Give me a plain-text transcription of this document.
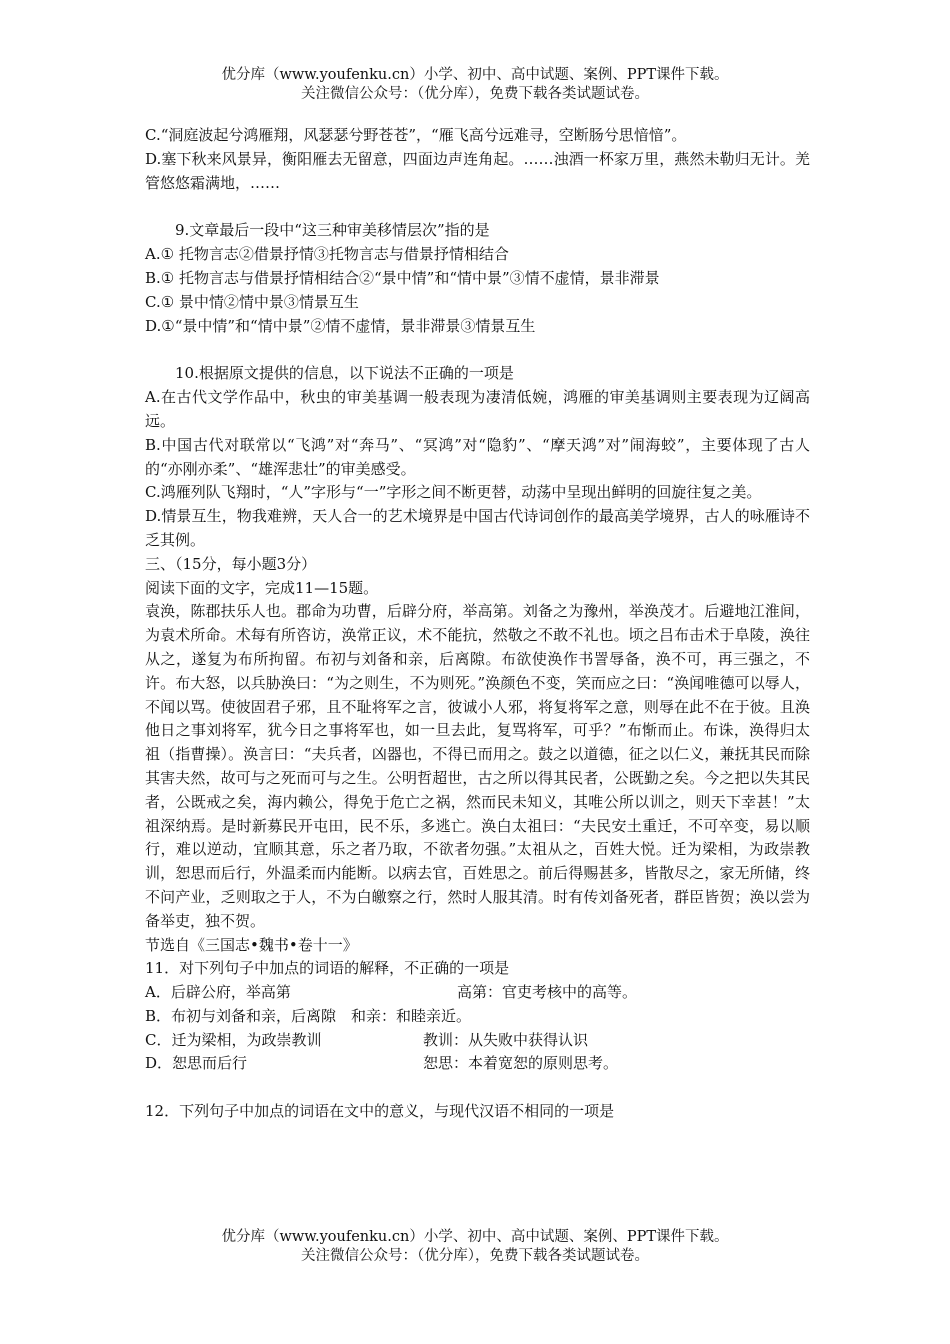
优分库（www.youfenku.cn）小学、初中、高中试题、案例、PPT课件下载。
关注微信公众号：（优分库），免费下载各类试题试卷。

C.“洞庭波起兮鸿雁翔，风瑟瑟兮野苍苍”，“雁飞高兮远难寻，空断肠兮思愔愔”。

D.塞下秋来风景异，衡阳雁去无留意，四面边声连角起。……浊酒一杯家万里，燕然未勒归无计。羌管悠悠霜满地，……

9.文章最后一段中“这三种审美移情层次”指的是

A.① 托物言志②借景抒情③托物言志与借景抒情相结合

B.① 托物言志与借景抒情相结合②“景中情”和“情中景”③情不虚情，景非滞景

C.① 景中情②情中景③情景互生

D.①“景中情”和“情中景”②情不虚情，景非滞景③情景互生

10.根据原文提供的信息，以下说法不正确的一项是

A.在古代文学作品中，秋虫的审美基调一般表现为凄清低婉，鸿雁的审美基调则主要表现为辽阔高远。

B.中国古代对联常以“飞鸿”对“奔马”、“冥鸿”对“隐豹”、“摩天鸿”对”闹海蛟”，主要体现了古人的“亦刚亦柔”、“雄浑悲壮”的审美感受。

C.鸿雁列队飞翔时，“人”字形与“一”字形之间不断更替，动荡中呈现出鲜明的回旋往复之美。

D.情景互生，物我难辨，天人合一的艺术境界是中国古代诗词创作的最高美学境界，古人的咏雁诗不乏其例。

三、（15分，每小题3分）

阅读下面的文字，完成11—15题。

袁涣，陈郡扶乐人也。郡命为功曹，后辟分府，举高第。刘备之为豫州，举涣茂才。后避地江淮间，为袁术所命。术每有所咨访，涣常正议，术不能抗，然敬之不敢不礼也。顷之吕布击术于阜陵，涣往从之，遂复为布所拘留。布初与刘备和亲，后离隙。布欲使涣作书詈辱备，涣不可，再三强之，不许。布大怒，以兵胁涣曰：“为之则生，不为则死。”涣颜色不变，笑而应之曰：“涣闻唯德可以辱人，不闻以骂。使彼固君子邪，且不耻将军之言，彼诚小人邪，将复将军之意，则辱在此不在于彼。且涣他日之事刘将军，犹今日之事将军也，如一旦去此，复骂将军，可乎？”布惭而止。布诛，涣得归太祖（指曹操）。涣言曰：“夫兵者，凶器也，不得已而用之。鼓之以道德，征之以仁义，兼抚其民而除其害夫然，故可与之死而可与之生。公明哲超世，古之所以得其民者，公既勤之矣。今之把以失其民者，公既戒之矣，海内赖公，得免于危亡之祸，然而民未知义，其唯公所以训之，则天下幸甚！”太祖深纳焉。是时新募民开屯田，民不乐，多逃亡。涣白太祖曰：“夫民安土重迁，不可卒变，易以顺行，难以逆动，宜顺其意，乐之者乃取，不欲者勿强。”太祖从之，百姓大悦。迁为梁相，为政崇教训，恕思而后行，外温柔而内能断。以病去官，百姓思之。前后得赐甚多，皆散尽之，家无所储，终不问产业，乏则取之于人，不为白皦察之行，然时人服其清。时有传刘备死者，群臣皆贺；涣以尝为备举吏，独不贺。

节选自《三国志•魏书•卷十一》

11．对下列句子中加点的词语的解释，不正确的一项是

A．后辟公府，举高第	高第：官吏考核中的高等。

B．布初与刘备和亲，后离隙　和亲：和睦亲近。

C．迁为梁相，为政崇教训	教训：从失败中获得认识
D．恕思而后行	恕思：本着宽恕的原则思考。

12．下列句子中加点的词语在文中的意义，与现代汉语不相同的一项是

优分库（www.youfenku.cn）小学、初中、高中试题、案例、PPT课件下载。
关注微信公众号：（优分库），免费下载各类试题试卷。
